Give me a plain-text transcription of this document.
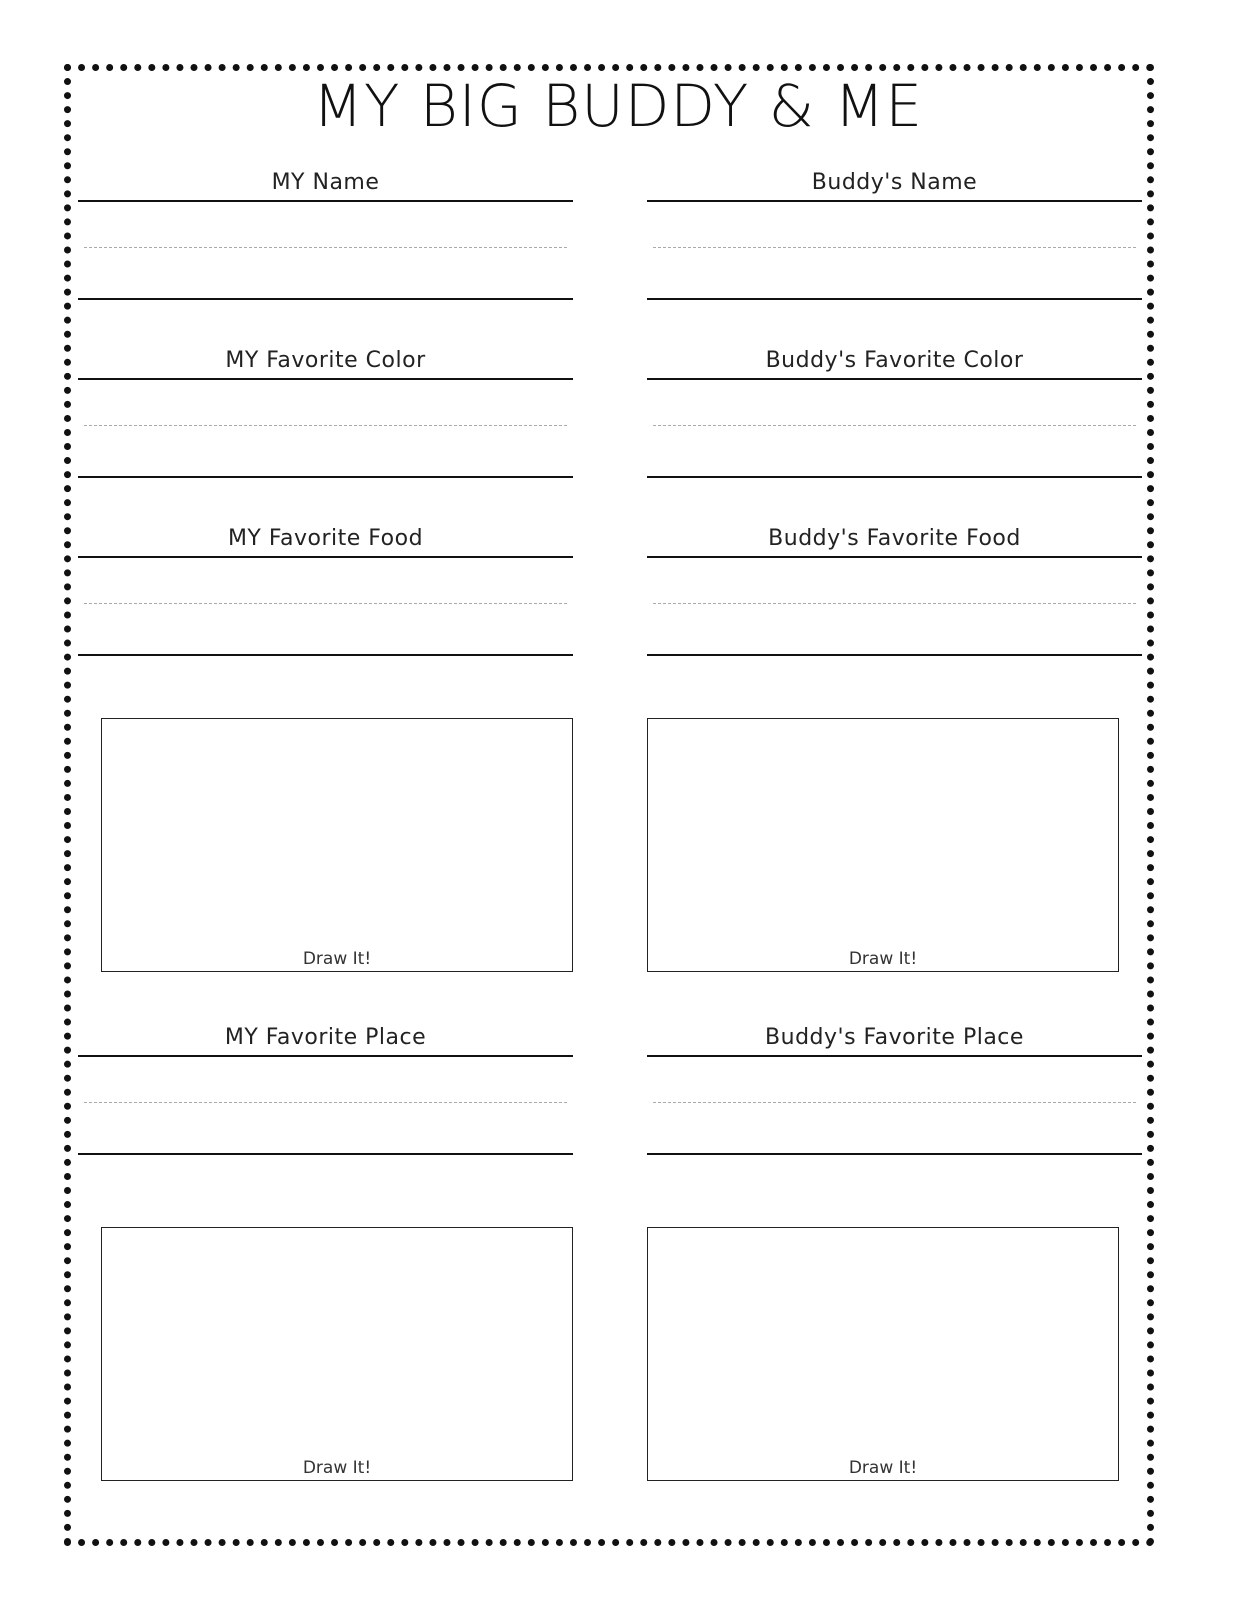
MY BIG BUDDY & ME
MY Name	Buddy's Name
MY Favorite Color	Buddy's Favorite Color
MY Favorite Food	Buddy's Favorite Food
Draw It!	Draw It!
MY Favorite Place	Buddy's Favorite Place
Draw It!	Draw It!
